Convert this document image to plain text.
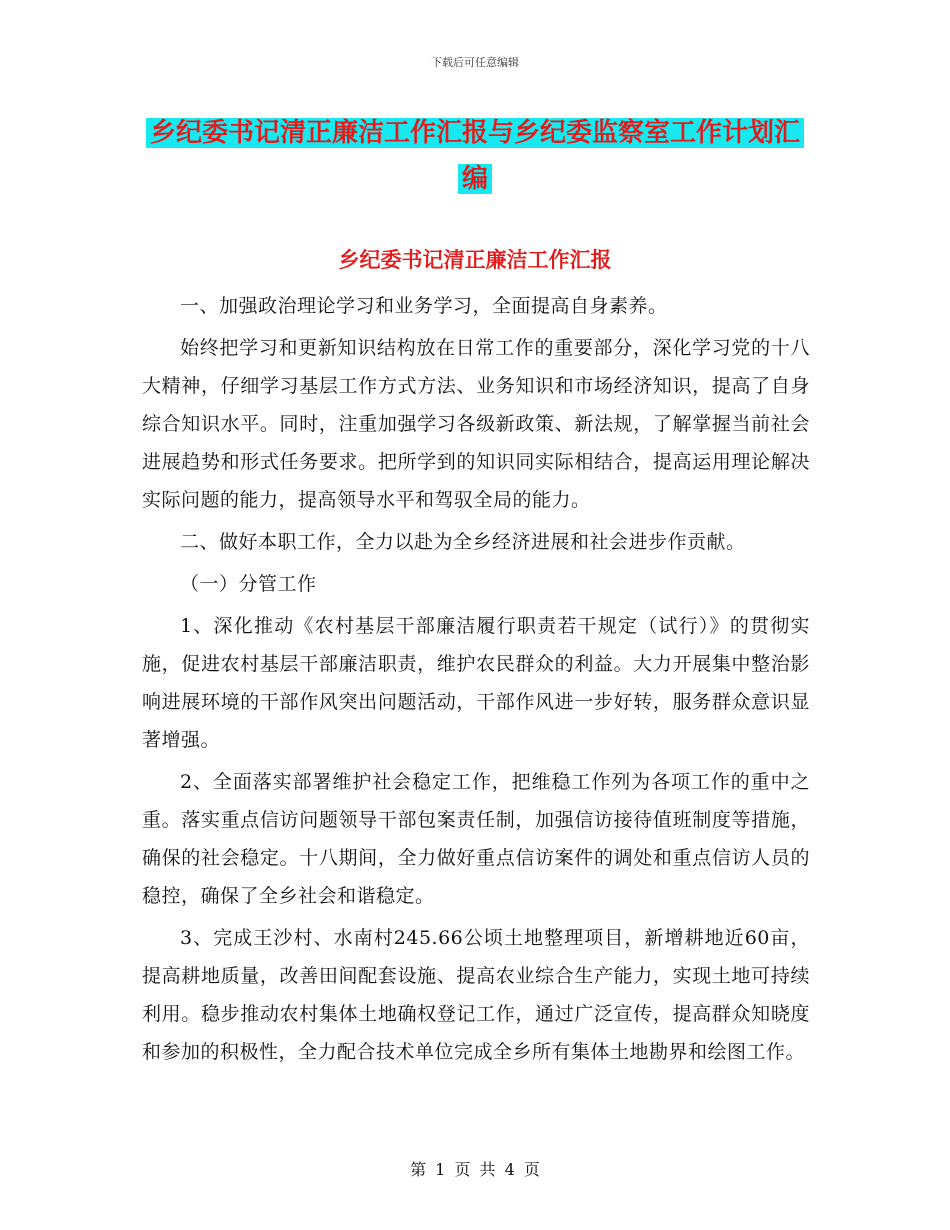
下载后可任意编辑
乡纪委书记清正廉洁工作汇报与乡纪委监察室工作计划汇编
乡纪委书记清正廉洁工作汇报

一、加强政治理论学习和业务学习，全面提高自身素养。

始终把学习和更新知识结构放在日常工作的重要部分，深化学习党的十八大精神，仔细学习基层工作方式方法、业务知识和市场经济知识，提高了自身综合知识水平。同时，注重加强学习各级新政策、新法规，了解掌握当前社会进展趋势和形式任务要求。把所学到的知识同实际相结合，提高运用理论解决实际问题的能力，提高领导水平和驾驭全局的能力。

二、做好本职工作，全力以赴为全乡经济进展和社会进步作贡献。

（一）分管工作

1、深化推动《农村基层干部廉洁履行职责若干规定（试行）》的贯彻实施，促进农村基层干部廉洁职责，维护农民群众的利益。大力开展集中整治影响进展环境的干部作风突出问题活动，干部作风进一步好转，服务群众意识显著增强。

2、全面落实部署维护社会稳定工作，把维稳工作列为各项工作的重中之重。落实重点信访问题领导干部包案责任制，加强信访接待值班制度等措施，确保的社会稳定。十八期间，全力做好重点信访案件的调处和重点信访人员的稳控，确保了全乡社会和谐稳定。

3、完成王沙村、水南村245.66公顷土地整理项目，新增耕地近60亩，提高耕地质量，改善田间配套设施、提高农业综合生产能力，实现土地可持续利用。稳步推动农村集体土地确权登记工作，通过广泛宣传，提高群众知晓度和参加的积极性，全力配合技术单位完成全乡所有集体土地勘界和绘图工作。

第 1 页 共 4 页
